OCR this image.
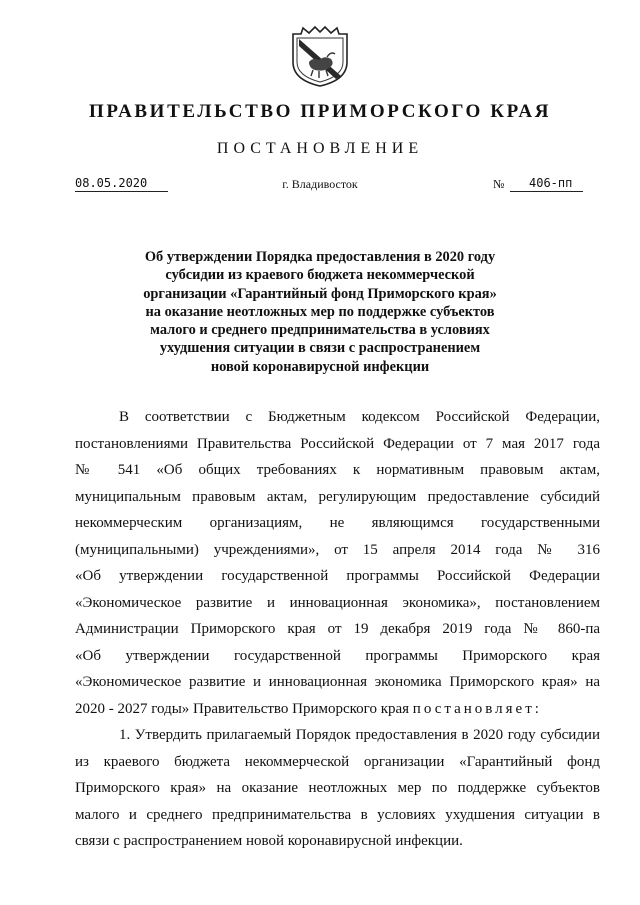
ПРАВИТЕЛЬСТВО ПРИМОРСКОГО КРАЯ
ПОСТАНОВЛЕНИЕ
08.05.2020	г. Владивосток	№ 406-пп
Об утверждении Порядка предоставления в 2020 году
субсидии из краевого бюджета некоммерческой
организации «Гарантийный фонд Приморского края»
на оказание неотложных мер по поддержке субъектов
малого и среднего предпринимательства в условиях
ухудшения ситуации в связи с распространением
новой коронавирусной инфекции

В соответствии с Бюджетным кодексом Российской Федерации,

постановлениями Правительства Российской Федерации от 7 мая 2017 года

№ 541 «Об общих требованиях к нормативным правовым актам,

муниципальным правовым актам, регулирующим предоставление субсидий

некоммерческим организациям, не являющимся государственными

(муниципальными) учреждениями», от 15 апреля 2014 года № 316

«Об утверждении государственной программы Российской Федерации

«Экономическое развитие и инновационная экономика», постановлением

Администрации Приморского края от 19 декабря 2019 года № 860-па

«Об утверждении государственной программы Приморского края

«Экономическое развитие и инновационная экономика Приморского края» на

2020 - 2027 годы» Правительство Приморского края постановляет:

1. Утвердить прилагаемый Порядок предоставления в 2020 году субсидии

из краевого бюджета некоммерческой организации «Гарантийный фонд

Приморского края» на оказание неотложных мер по поддержке субъектов

малого и среднего предпринимательства в условиях ухудшения ситуации в

связи с распространением новой коронавирусной инфекции.
